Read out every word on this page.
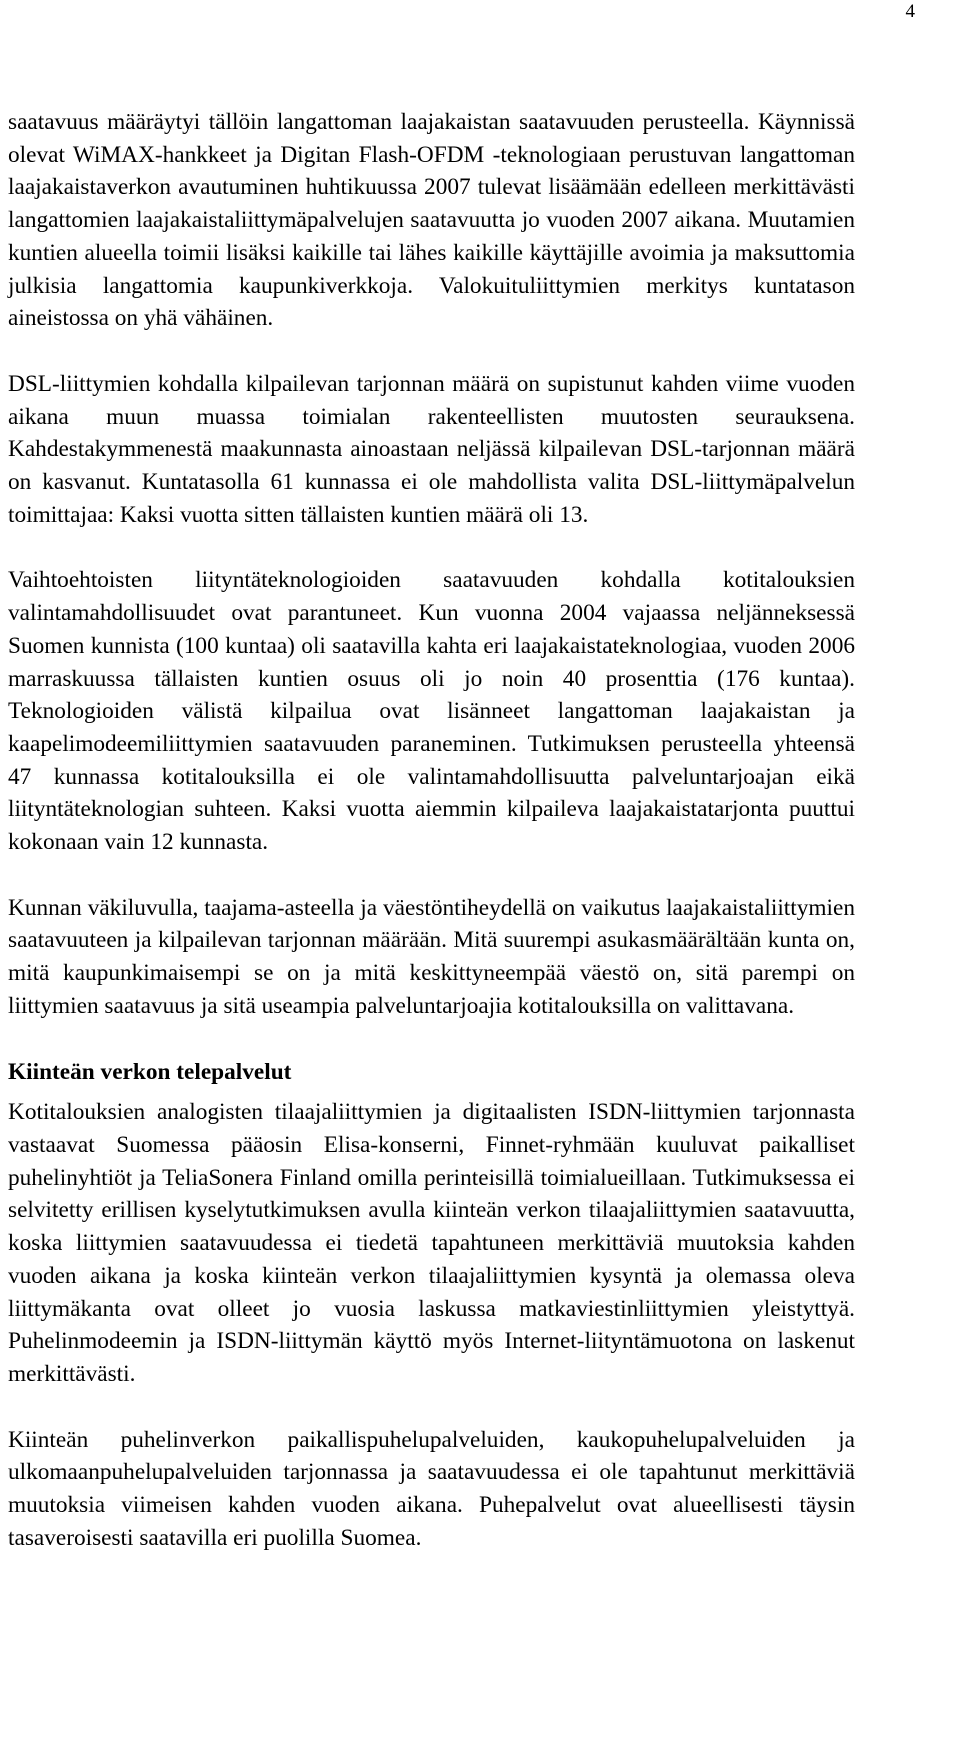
4

saatavuus määräytyi tällöin langattoman laajakaistan saatavuuden perusteella. Käynnissä olevat WiMAX-hankkeet ja Digitan Flash-OFDM -teknologiaan perustuvan langattoman laajakaistaverkon avautuminen huhtikuussa 2007 tulevat lisäämään edelleen merkittävästi langattomien laajakaistaliittymäpalvelujen saatavuutta jo vuoden 2007 aikana. Muutamien kuntien alueella toimii lisäksi kaikille tai lähes kaikille käyttäjille avoimia ja maksuttomia julkisia langattomia kaupunkiverkkoja. Valokuituliittymien merkitys kuntatason aineistossa on yhä vähäinen.

DSL-liittymien kohdalla kilpailevan tarjonnan määrä on supistunut kahden viime vuoden aikana muun muassa toimialan rakenteellisten muutosten seurauksena. Kahdestakymmenestä maakunnasta ainoastaan neljässä kilpailevan DSL-tarjonnan määrä on kasvanut. Kuntatasolla 61 kunnassa ei ole mahdollista valita DSL-liittymäpalvelun toimittajaa: Kaksi vuotta sitten tällaisten kuntien määrä oli 13.

Vaihtoehtoisten liityntäteknologioiden saatavuuden kohdalla kotitalouksien valintamahdollisuudet ovat parantuneet. Kun vuonna 2004 vajaassa neljänneksessä Suomen kunnista (100 kuntaa) oli saatavilla kahta eri laajakaistateknologiaa, vuoden 2006 marraskuussa tällaisten kuntien osuus oli jo noin 40 prosenttia (176 kuntaa). Teknologioiden välistä kilpailua ovat lisänneet langattoman laajakaistan ja kaapelimodeemiliittymien saatavuuden paraneminen. Tutkimuksen perusteella yhteensä 47 kunnassa kotitalouksilla ei ole valintamahdollisuutta palveluntarjoajan eikä liityntäteknologian suhteen. Kaksi vuotta aiemmin kilpaileva laajakaistatarjonta puuttui kokonaan vain 12 kunnasta.

Kunnan väkiluvulla, taajama-asteella ja väestöntiheydellä on vaikutus laajakaistaliittymien saatavuuteen ja kilpailevan tarjonnan määrään. Mitä suurempi asukasmäärältään kunta on, mitä kaupunkimaisempi se on ja mitä keskittyneempää väestö on, sitä parempi on liittymien saatavuus ja sitä useampia palveluntarjoajia kotitalouksilla on valittavana.

Kiinteän verkon telepalvelut

Kotitalouksien analogisten tilaajaliittymien ja digitaalisten ISDN-liittymien tarjonnasta vastaavat Suomessa pääosin Elisa-konserni, Finnet-ryhmään kuuluvat paikalliset puhelinyhtiöt ja TeliaSonera Finland omilla perinteisillä toimialueillaan. Tutkimuksessa ei selvitetty erillisen kyselytutkimuksen avulla kiinteän verkon tilaajaliittymien saatavuutta, koska liittymien saatavuudessa ei tiedetä tapahtuneen merkittäviä muutoksia kahden vuoden aikana ja koska kiinteän verkon tilaajaliittymien kysyntä ja olemassa oleva liittymäkanta ovat olleet jo vuosia laskussa matkaviestinliittymien yleistyttyä. Puhelinmodeemin ja ISDN-liittymän käyttö myös Internet-liityntämuotona on laskenut merkittävästi.

Kiinteän puhelinverkon paikallispuhelupalveluiden, kaukopuhelupalveluiden ja ulkomaanpuhelupalveluiden tarjonnassa ja saatavuudessa ei ole tapahtunut merkittäviä muutoksia viimeisen kahden vuoden aikana. Puhepalvelut ovat alueellisesti täysin tasaveroisesti saatavilla eri puolilla Suomea.
